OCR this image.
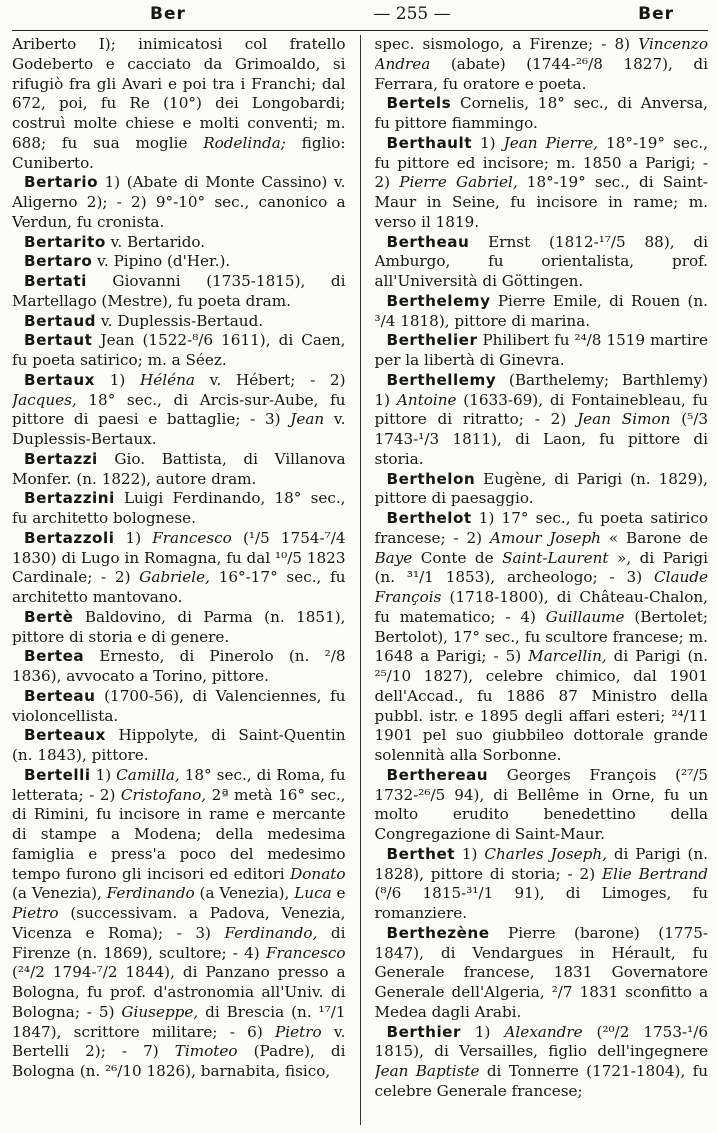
Ber	— 255 —	Ber

Ariberto I); inimicatosi col fratello Godeberto e cacciato da Grimoaldo, si rifugiò fra gli Avari e poi tra i Franchi; dal 672, poi, fu Re (10°) dei Longobardi; costruì molte chiese e molti conventi; m. 688; fu sua moglie Rodelinda; figlio: Cuniberto.

Bertario 1) (Abate di Monte Cassino) v. Aligerno 2); - 2) 9°-10° sec., canonico a Verdun, fu cronista.

Bertarito v. Bertarido.

Bertaro v. Pipino (d'Her.).

Bertati Giovanni (1735-1815), di Martellago (Mestre), fu poeta dram.

Bertaud v. Duplessis-Bertaud.

Bertaut Jean (1522-⁸/6 1611), di Caen, fu poeta satirico; m. a Séez.

Bertaux 1) Héléna v. Hébert; - 2) Jacques, 18° sec., di Arcis-sur-Aube, fu pittore di paesi e battaglie; - 3) Jean v. Duplessis-Bertaux.

Bertazzi Gio. Battista, di Villanova Monfer. (n. 1822), autore dram.

Bertazzini Luigi Ferdinando, 18° sec., fu architetto bolognese.

Bertazzoli 1) Francesco (¹/5 1754-⁷/4 1830) di Lugo in Romagna, fu dal ¹⁰/5 1823 Cardinale; - 2) Gabriele, 16°-17° sec., fu architetto mantovano.

Bertè Baldovino, di Parma (n. 1851), pittore di storia e di genere.

Bertea Ernesto, di Pinerolo (n. ²/8 1836), avvocato a Torino, pittore.

Berteau (1700-56), di Valenciennes, fu violoncellista.

Berteaux Hippolyte, di Saint-Quentin (n. 1843), pittore.

Bertelli 1) Camilla, 18° sec., di Roma, fu letterata; - 2) Cristofano, 2ª metà 16° sec., di Rimini, fu incisore in rame e mercante di stampe a Modena; della medesima famiglia e press'a poco del medesimo tempo furono gli incisori ed editori Donato (a Venezia), Ferdinando (a Venezia), Luca e Pietro (successivam. a Padova, Venezia, Vicenza e Roma); - 3) Ferdinando, di Firenze (n. 1869), scultore; - 4) Francesco (²⁴/2 1794-⁷/2 1844), di Panzano presso a Bologna, fu prof. d'astronomia all'Univ. di Bologna; - 5) Giuseppe, di Brescia (n. ¹⁷/1 1847), scrittore militare; - 6) Pietro v. Bertelli 2); - 7) Timoteo (Padre), di Bologna (n. ²⁶/10 1826), barnabita, fisico,

spec. sismologo, a Firenze; - 8) Vincenzo Andrea (abate) (1744-²⁶/8 1827), di Ferrara, fu oratore e poeta.

Bertels Cornelis, 18° sec., di Anversa, fu pittore fiammingo.

Berthault 1) Jean Pierre, 18°-19° sec., fu pittore ed incisore; m. 1850 a Parigi; - 2) Pierre Gabriel, 18°-19° sec., di Saint-Maur in Seine, fu incisore in rame; m. verso il 1819.

Bertheau Ernst (1812-¹⁷/5 88), di Amburgo, fu orientalista, prof. all'Università di Göttingen.

Berthelemy Pierre Emile, di Rouen (n. ³/4 1818), pittore di marina.

Berthelier Philibert fu ²⁴/8 1519 martire per la libertà di Ginevra.

Berthellemy (Barthelemy; Barthlemy) 1) Antoine (1633-69), di Fontainebleau, fu pittore di ritratto; - 2) Jean Simon (⁵/3 1743-¹/3 1811), di Laon, fu pittore di storia.

Berthelon Eugène, di Parigi (n. 1829), pittore di paesaggio.

Berthelot 1) 17° sec., fu poeta satirico francese; - 2) Amour Joseph « Barone de Baye Conte de Saint-Laurent », di Parigi (n. ³¹/1 1853), archeologo; - 3) Claude François (1718-1800), di Château-Chalon, fu matematico; - 4) Guillaume (Bertolet; Bertolot), 17° sec., fu scultore francese; m. 1648 a Parigi; - 5) Marcellin, di Parigi (n. ²⁵/10 1827), celebre chimico, dal 1901 dell'Accad., fu 1886 87 Ministro della pubbl. istr. e 1895 degli affari esteri; ²⁴/11 1901 pel suo giubbileo dottorale grande solennità alla Sorbonne.

Berthereau Georges François (²⁷/5 1732-²⁶/5 94), di Bellême in Orne, fu un molto erudito benedettino della Congregazione di Saint-Maur.

Berthet 1) Charles Joseph, di Parigi (n. 1828), pittore di storia; - 2) Elie Bertrand (⁸/6 1815-³¹/1 91), di Limoges, fu romanziere.

Berthezène Pierre (barone) (1775-1847), di Vendargues in Hérault, fu Generale francese, 1831 Governatore Generale dell'Algeria, ²/7 1831 sconfitto a Medea dagli Arabi.

Berthier 1) Alexandre (²⁰/2 1753-¹/6 1815), di Versailles, figlio dell'ingegnere Jean Baptiste di Tonnerre (1721-1804), fu celebre Generale francese;
